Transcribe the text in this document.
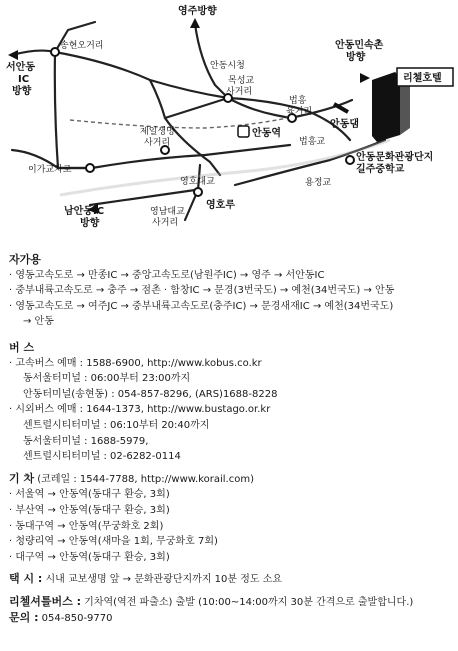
영주방향
안동민속촌
방향
리첼호텔
서안동
IC
방향
송현오거리
안동시청
목성교
사거리
법흥
육거리
제일생명
사거리
안동역
안동댐
법흥교
안동문화관광단지
길주중학교
이가교차로
영호대교	용정교
남안동IC
방향
영남대교
사거리
영호루
자가용
· 영동고속도로 → 만종IC → 중앙고속도로(남원주IC) → 영주 → 서안동IC
· 중부내륙고속도로 → 충주 → 점촌 · 함창IC → 문경(3번국도) → 예천(34번국도) → 안동
· 영동고속도로 → 여주JC → 중부내륙고속도로(충주IC) → 문경새재IC → 예천(34번국도)
→ 안동
버 스
· 고속버스 예매 : 1588-6900, http://www.kobus.co.kr
동서울터미널 : 06:00부터 23:00까지
안동터미널(송현동) : 054-857-8296, (ARS)1688-8228
· 시외버스 예매 : 1644-1373, http://www.bustago.or.kr
센트럴시티터미널 : 06:10부터 20:40까지
동서울터미널 : 1688-5979,
센트럴시티터미널 : 02-6282-0114
기 차 (코레일 : 1544-7788, http://www.korail.com)
· 서울역 → 안동역(동대구 환승, 3회)
· 부산역 → 안동역(동대구 환승, 3회)
· 동대구역 → 안동역(무궁화호 2회)
· 청량리역 → 안동역(새마을 1회, 무궁화호 7회)
· 대구역 → 안동역(동대구 환승, 3회)
택 시 : 시내 교보생명 앞 → 문화관광단지까지 10분 정도 소요
리첼셔틀버스 : 기차역(역전 파출소) 출발 (10:00~14:00까지 30분 간격으로 출발합니다.)
문의 : 054-850-9770
